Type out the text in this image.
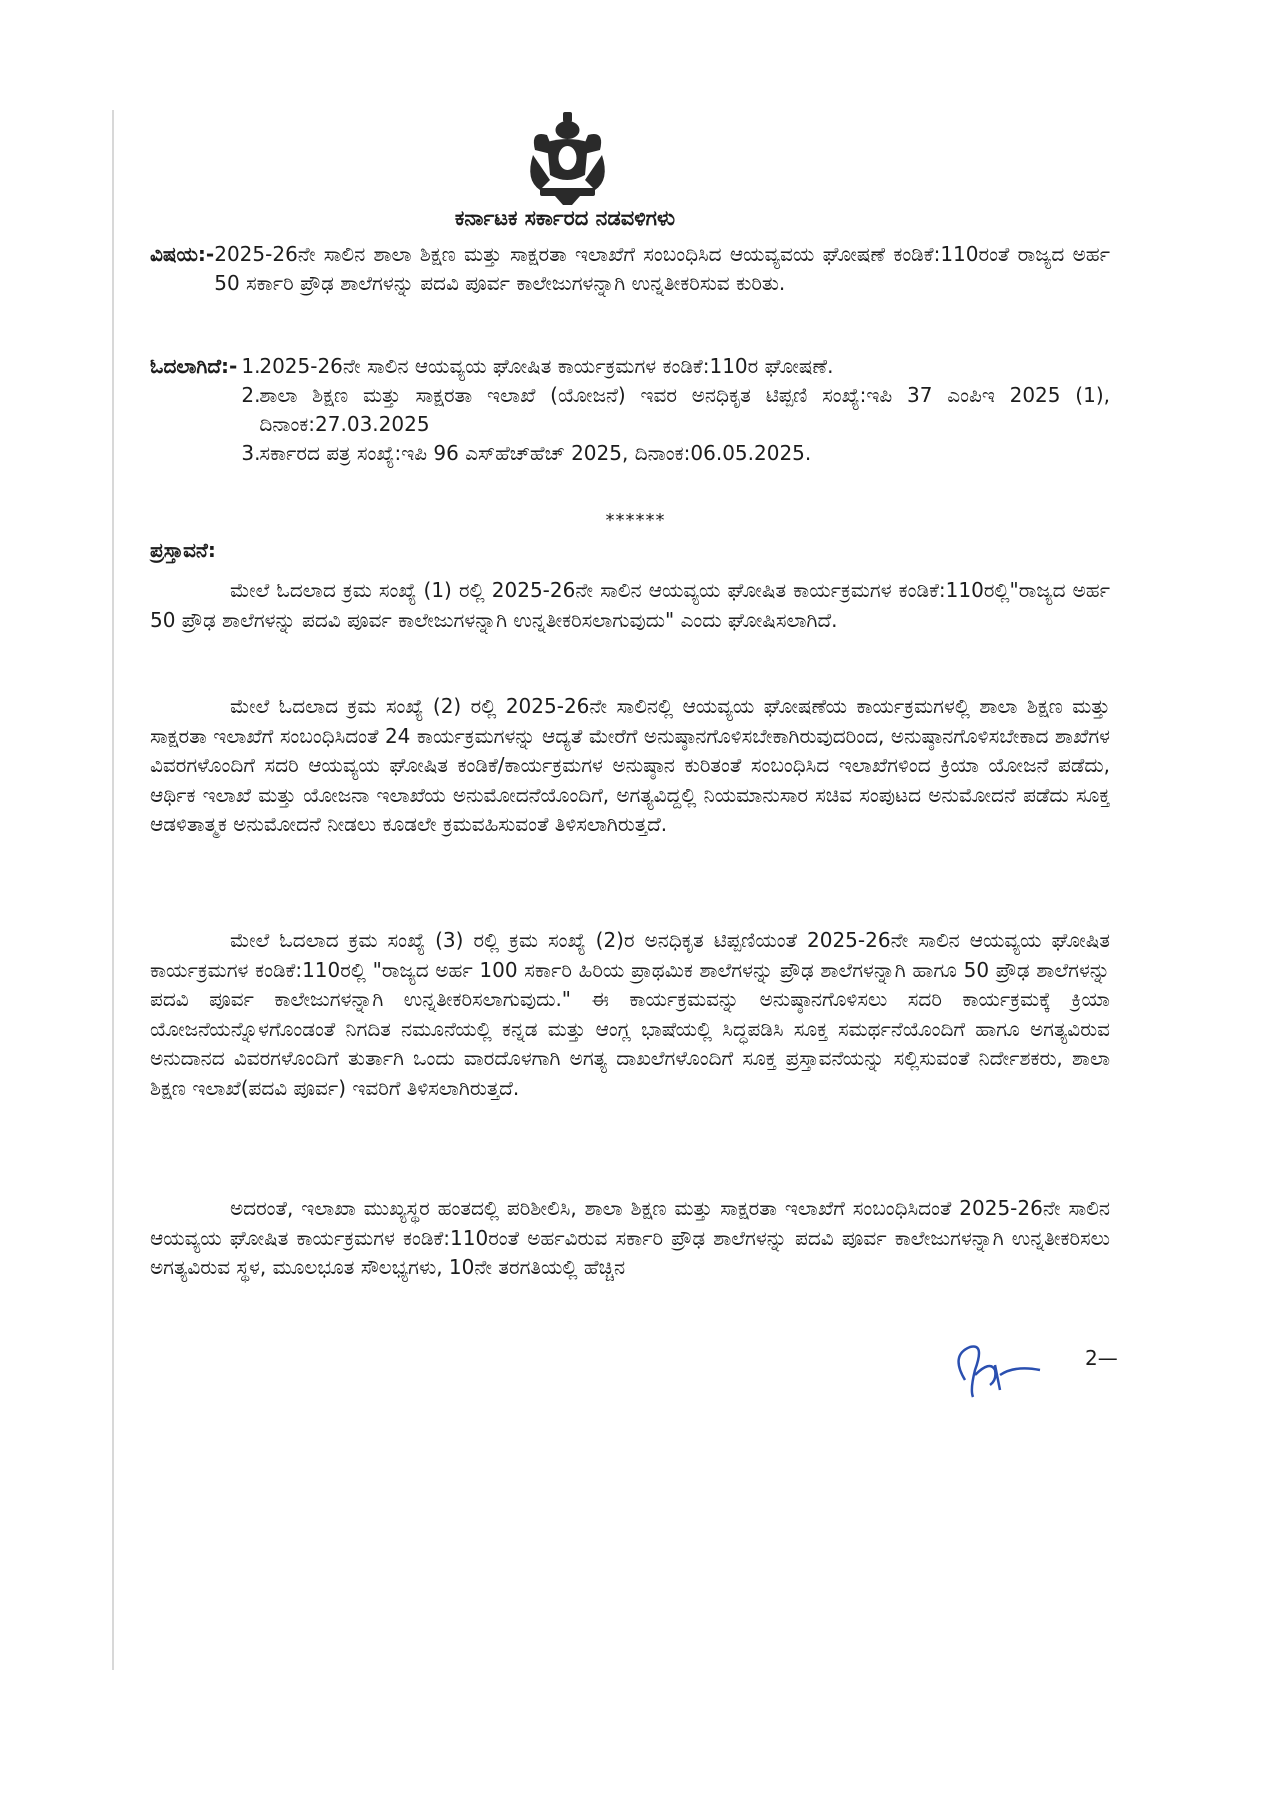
ಕರ್ನಾಟಕ ಸರ್ಕಾರದ ನಡವಳಿಗಳು
ವಿಷಯ:- 2025-26ನೇ ಸಾಲಿನ ಶಾಲಾ ಶಿಕ್ಷಣ ಮತ್ತು ಸಾಕ್ಷರತಾ ಇಲಾಖೆಗೆ ಸಂಬಂಧಿಸಿದ ಆಯವ್ಯವಯ ಘೋಷಣೆ ಕಂಡಿಕೆ:110ರಂತೆ ರಾಜ್ಯದ ಅರ್ಹ 50 ಸರ್ಕಾರಿ ಪ್ರೌಢ ಶಾಲೆಗಳನ್ನು ಪದವಿ ಪೂರ್ವ ಕಾಲೇಜುಗಳನ್ನಾಗಿ ಉನ್ನತೀಕರಿಸುವ ಕುರಿತು.
ಓದಲಾಗಿದೆ:- 1.
2025-26ನೇ ಸಾಲಿನ ಆಯವ್ಯಯ ಘೋಷಿತ ಕಾರ್ಯಕ್ರಮಗಳ ಕಂಡಿಕೆ:110ರ ಘೋಷಣೆ.
2.
ಶಾಲಾ ಶಿಕ್ಷಣ ಮತ್ತು ಸಾಕ್ಷರತಾ ಇಲಾಖೆ (ಯೋಜನೆ) ಇವರ ಅನಧಿಕೃತ ಟಿಪ್ಪಣಿ ಸಂಖ್ಯೆ:ಇಪಿ 37 ಎಂಪಿಇ 2025 (1), ದಿನಾಂಕ:27.03.2025
3.
ಸರ್ಕಾರದ ಪತ್ರ ಸಂಖ್ಯೆ:ಇಪಿ 96 ಎಸ್‌ಹೆಚ್‌ಹೆಚ್ 2025, ದಿನಾಂಕ:06.05.2025.
******
ಪ್ರಸ್ತಾವನೆ:

ಮೇಲೆ ಓದಲಾದ ಕ್ರಮ ಸಂಖ್ಯೆ (1) ರಲ್ಲಿ 2025-26ನೇ ಸಾಲಿನ ಆಯವ್ಯಯ ಘೋಷಿತ ಕಾರ್ಯಕ್ರಮಗಳ ಕಂಡಿಕೆ:110ರಲ್ಲಿ"ರಾಜ್ಯದ ಅರ್ಹ 50 ಪ್ರೌಢ ಶಾಲೆಗಳನ್ನು ಪದವಿ ಪೂರ್ವ ಕಾಲೇಜುಗಳನ್ನಾಗಿ ಉನ್ನತೀಕರಿಸಲಾಗುವುದು" ಎಂದು ಘೋಷಿಸಲಾಗಿದೆ.

ಮೇಲೆ ಓದಲಾದ ಕ್ರಮ ಸಂಖ್ಯೆ (2) ರಲ್ಲಿ 2025-26ನೇ ಸಾಲಿನಲ್ಲಿ ಆಯವ್ಯಯ ಘೋಷಣೆಯ ಕಾರ್ಯಕ್ರಮಗಳಲ್ಲಿ ಶಾಲಾ ಶಿಕ್ಷಣ ಮತ್ತು ಸಾಕ್ಷರತಾ ಇಲಾಖೆಗೆ ಸಂಬಂಧಿಸಿದಂತೆ 24 ಕಾರ್ಯಕ್ರಮಗಳನ್ನು ಆದ್ಯತೆ ಮೇರೆಗೆ ಅನುಷ್ಠಾನಗೊಳಿಸಬೇಕಾಗಿರುವುದರಿಂದ, ಅನುಷ್ಠಾನಗೊಳಿಸಬೇಕಾದ ಶಾಖೆಗಳ ವಿವರಗಳೊಂದಿಗೆ ಸದರಿ ಆಯವ್ಯಯ ಘೋಷಿತ ಕಂಡಿಕೆ/ಕಾರ್ಯಕ್ರಮಗಳ ಅನುಷ್ಠಾನ ಕುರಿತಂತೆ ಸಂಬಂಧಿಸಿದ ಇಲಾಖೆಗಳಿಂದ ಕ್ರಿಯಾ ಯೋಜನೆ ಪಡೆದು, ಆರ್ಥಿಕ ಇಲಾಖೆ ಮತ್ತು ಯೋಜನಾ ಇಲಾಖೆಯ ಅನುಮೋದನೆಯೊಂದಿಗೆ, ಅಗತ್ಯವಿದ್ದಲ್ಲಿ ನಿಯಮಾನುಸಾರ ಸಚಿವ ಸಂಪುಟದ ಅನುಮೋದನೆ ಪಡೆದು ಸೂಕ್ತ ಆಡಳಿತಾತ್ಮಕ ಅನುಮೋದನೆ ನೀಡಲು ಕೂಡಲೇ ಕ್ರಮವಹಿಸುವಂತೆ ತಿಳಿಸಲಾಗಿರುತ್ತದೆ.

ಮೇಲೆ ಓದಲಾದ ಕ್ರಮ ಸಂಖ್ಯೆ (3) ರಲ್ಲಿ ಕ್ರಮ ಸಂಖ್ಯೆ (2)ರ ಅನಧಿಕೃತ ಟಿಪ್ಪಣಿಯಂತೆ 2025-26ನೇ ಸಾಲಿನ ಆಯವ್ಯಯ ಘೋಷಿತ ಕಾರ್ಯಕ್ರಮಗಳ ಕಂಡಿಕೆ:110ರಲ್ಲಿ "ರಾಜ್ಯದ ಅರ್ಹ 100 ಸರ್ಕಾರಿ ಹಿರಿಯ ಪ್ರಾಥಮಿಕ ಶಾಲೆಗಳನ್ನು ಪ್ರೌಢ ಶಾಲೆಗಳನ್ನಾಗಿ ಹಾಗೂ 50 ಪ್ರೌಢ ಶಾಲೆಗಳನ್ನು ಪದವಿ ಪೂರ್ವ ಕಾಲೇಜುಗಳನ್ನಾಗಿ ಉನ್ನತೀಕರಿಸಲಾಗುವುದು." ಈ ಕಾರ್ಯಕ್ರಮವನ್ನು ಅನುಷ್ಠಾನಗೊಳಿಸಲು ಸದರಿ ಕಾರ್ಯಕ್ರಮಕ್ಕೆ ಕ್ರಿಯಾ ಯೋಜನೆಯನ್ನೊಳಗೊಂಡಂತೆ ನಿಗದಿತ ನಮೂನೆಯಲ್ಲಿ ಕನ್ನಡ ಮತ್ತು ಆಂಗ್ಲ ಭಾಷೆಯಲ್ಲಿ ಸಿದ್ಧಪಡಿಸಿ ಸೂಕ್ತ ಸಮರ್ಥನೆಯೊಂದಿಗೆ ಹಾಗೂ ಅಗತ್ಯವಿರುವ ಅನುದಾನದ ವಿವರಗಳೊಂದಿಗೆ ತುರ್ತಾಗಿ ಒಂದು ವಾರದೊಳಗಾಗಿ ಅಗತ್ಯ ದಾಖಲೆಗಳೊಂದಿಗೆ ಸೂಕ್ತ ಪ್ರಸ್ತಾವನೆಯನ್ನು ಸಲ್ಲಿಸುವಂತೆ ನಿರ್ದೇಶಕರು, ಶಾಲಾ ಶಿಕ್ಷಣ ಇಲಾಖೆ(ಪದವಿ ಪೂರ್ವ) ಇವರಿಗೆ ತಿಳಿಸಲಾಗಿರುತ್ತದೆ.

ಅದರಂತೆ, ಇಲಾಖಾ ಮುಖ್ಯಸ್ಥರ ಹಂತದಲ್ಲಿ ಪರಿಶೀಲಿಸಿ, ಶಾಲಾ ಶಿಕ್ಷಣ ಮತ್ತು ಸಾಕ್ಷರತಾ ಇಲಾಖೆಗೆ ಸಂಬಂಧಿಸಿದಂತೆ 2025-26ನೇ ಸಾಲಿನ ಆಯವ್ಯಯ ಘೋಷಿತ ಕಾರ್ಯಕ್ರಮಗಳ ಕಂಡಿಕೆ:110ರಂತೆ ಅರ್ಹವಿರುವ ಸರ್ಕಾರಿ ಪ್ರೌಢ ಶಾಲೆಗಳನ್ನು ಪದವಿ ಪೂರ್ವ ಕಾಲೇಜುಗಳನ್ನಾಗಿ ಉನ್ನತೀಕರಿಸಲು ಅಗತ್ಯವಿರುವ ಸ್ಥಳ, ಮೂಲಭೂತ ಸೌಲಭ್ಯಗಳು, 10ನೇ ತರಗತಿಯಲ್ಲಿ ಹೆಚ್ಚಿನ

2—
